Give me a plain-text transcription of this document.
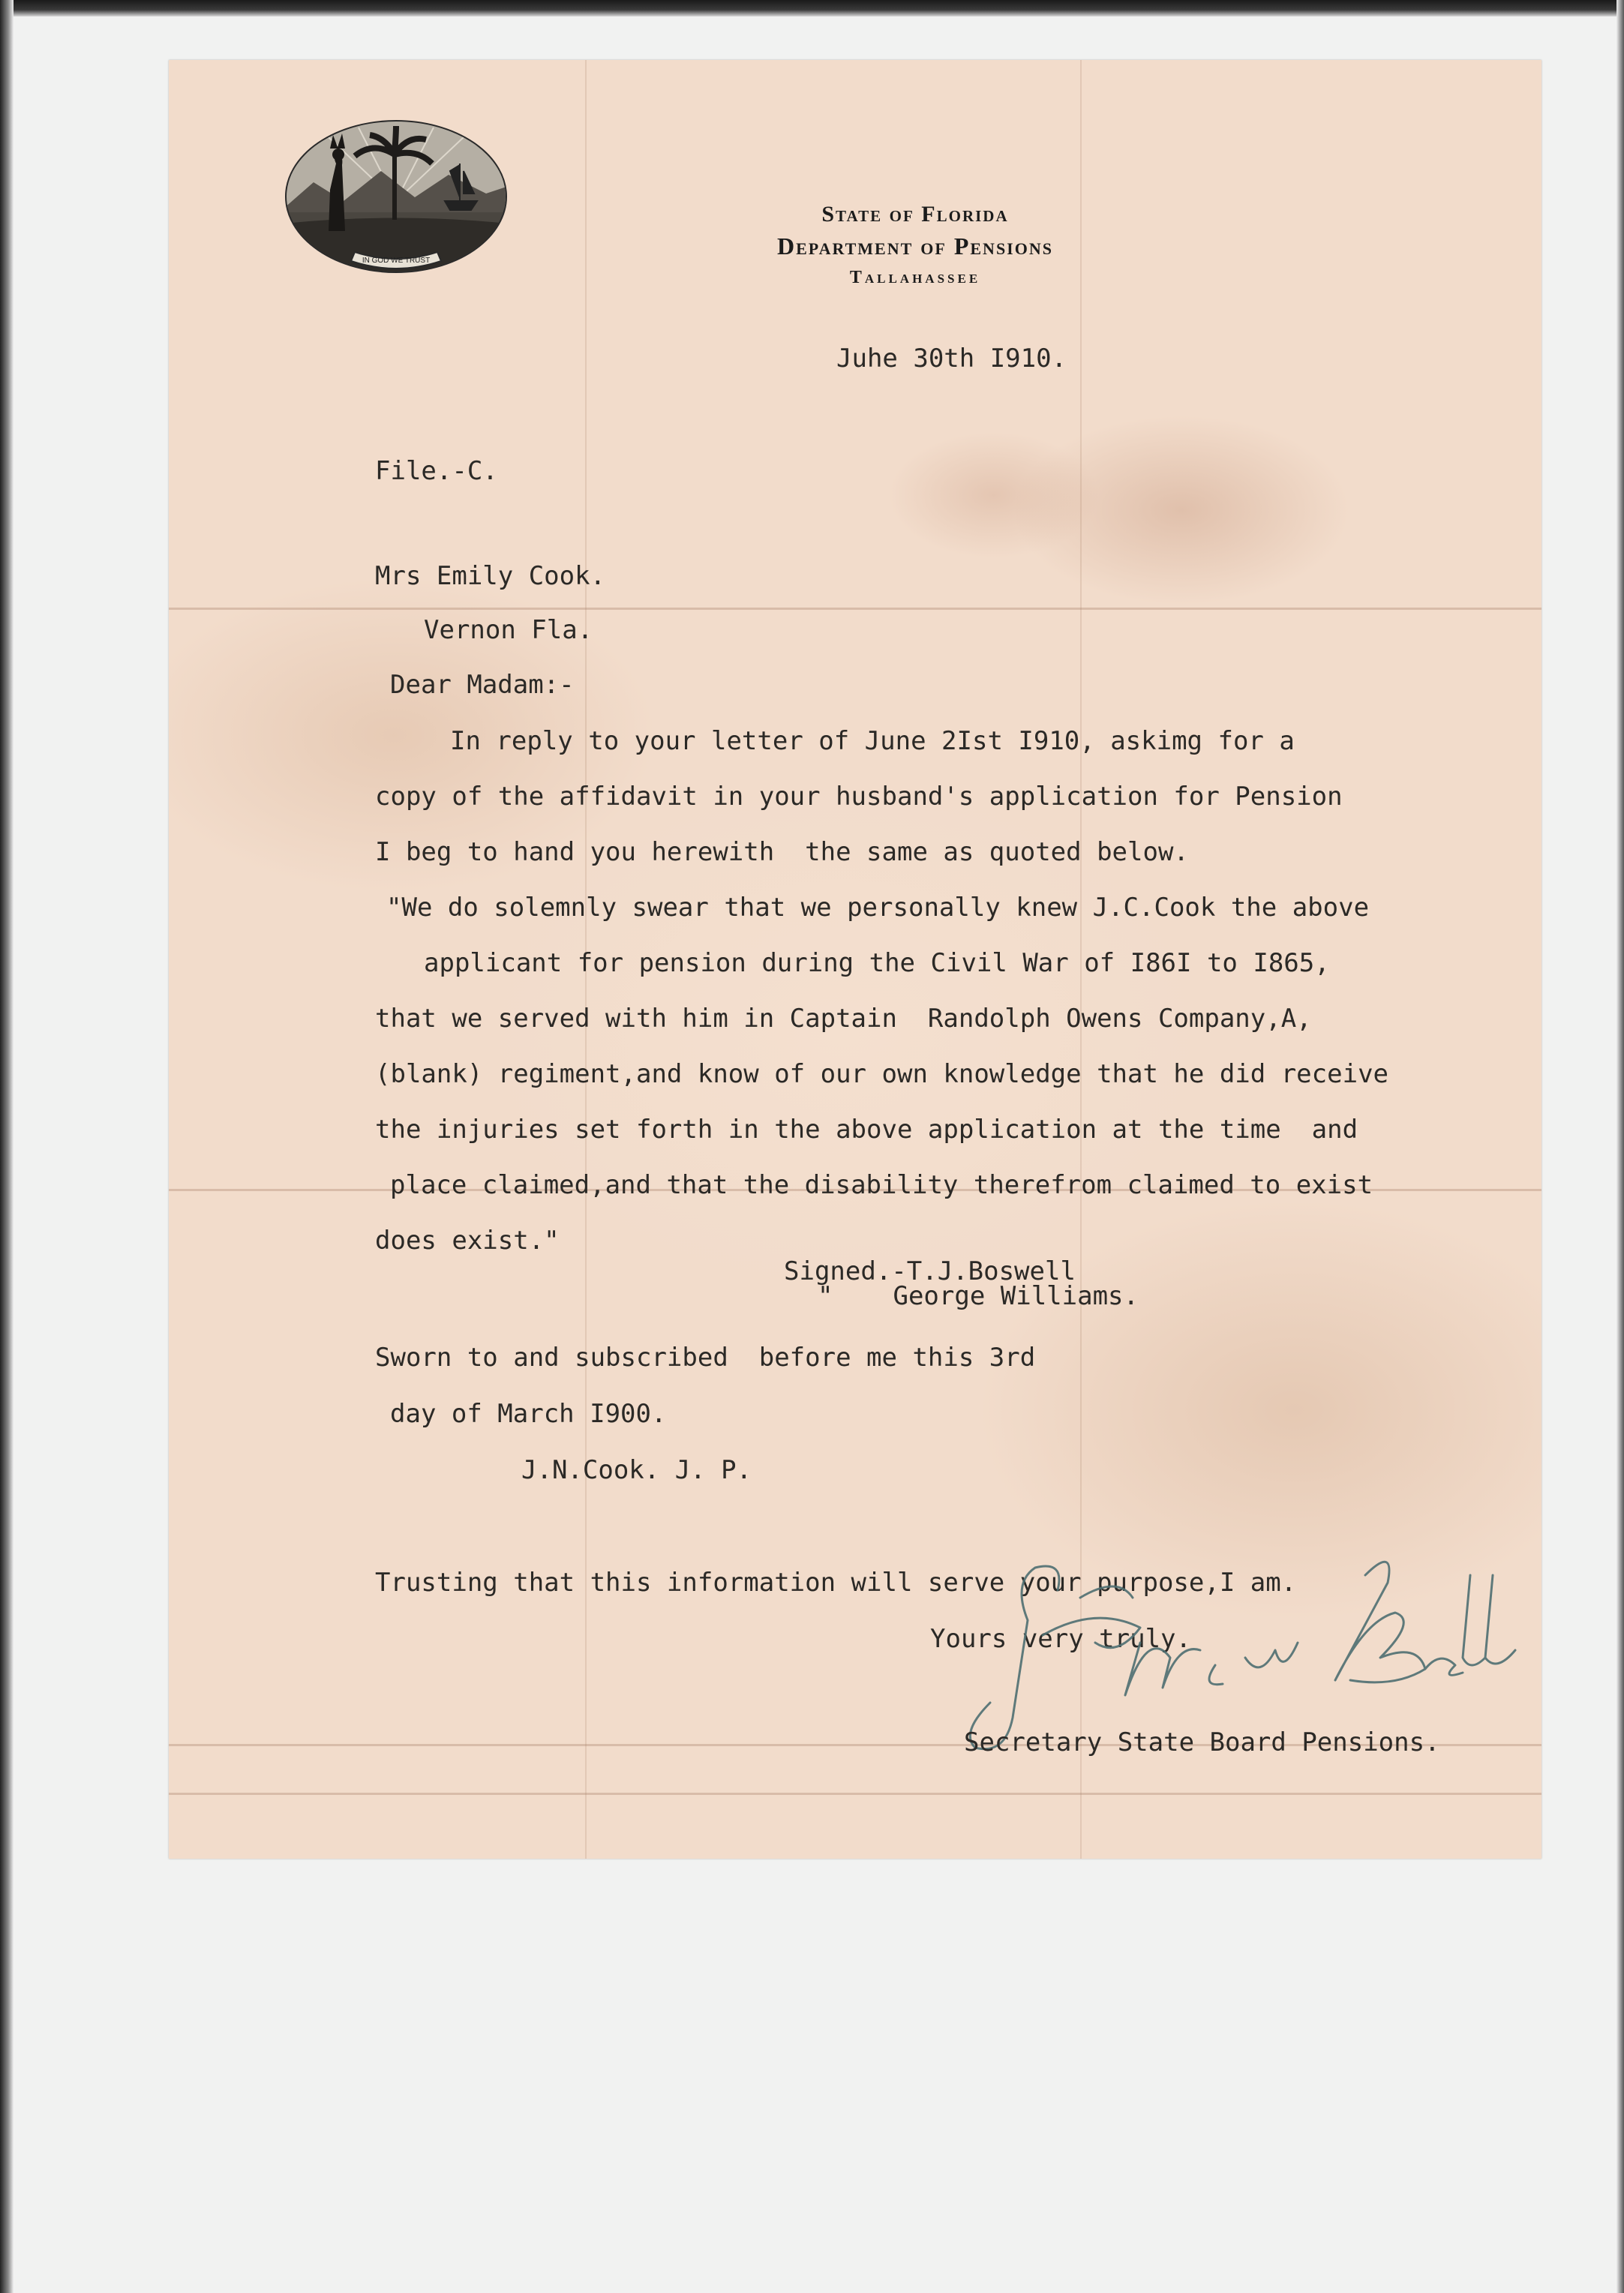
IN GOD WE TRUST
State of Florida
Department of Pensions
Tallahassee
Juhe 30th I910.
File.-C.
Mrs Emily Cook.
Vernon Fla.
Dear Madam:-
In reply to your letter of June 2Ist I910, askimg for a
copy of the affidavit in your husband's application for Pension
I beg to hand you herewith  the same as quoted below.
"We do solemnly swear that we personally knew J.C.Cook the above
applicant for pension during the Civil War of I86I to I865,
that we served with him in Captain  Randolph Owens Company,A,
(blank) regiment,and know of our own knowledge that he did receive
the injuries set forth in the above application at the time  and
place claimed,and that the disability therefrom claimed to exist
does exist."
Signed.-T.J.Boswell
" George Williams.
Sworn to and subscribed  before me this 3rd
day of March I900.
J.N.Cook. J. P.
Trusting that this information will serve your purpose,I am.
Yours very truly.
Jno W Bell
Secretary State Board Pensions.
